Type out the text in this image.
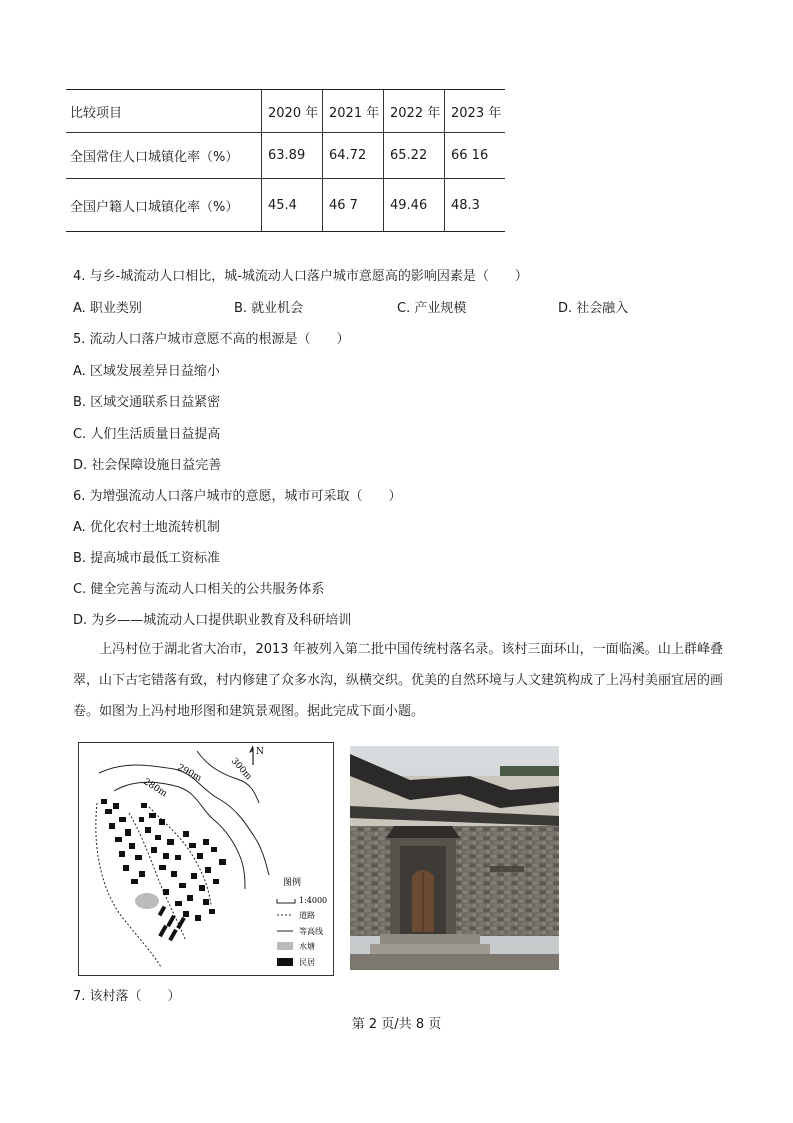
比较项目	2020 年	2021 年	2022 年	2023 年
全国常住人口城镇化率（%）	63.89	64.72	65.22	66 16
全国户籍人口城镇化率（%）	45.4	46 7	49.46	48.3
4. 与乡-城流动人口相比，城-城流动人口落户城市意愿高的影响因素是（　　）
A. 职业类别	B. 就业机会	C. 产业规模	D. 社会融入
5. 流动人口落户城市意愿不高的根源是（　　）
A. 区域发展差异日益缩小
B. 区域交通联系日益紧密
C. 人们生活质量日益提高
D. 社会保障设施日益完善
6. 为增强流动人口落户城市的意愿，城市可采取（　　）
A. 优化农村土地流转机制
B. 提高城市最低工资标准
C. 健全完善与流动人口相关的公共服务体系
D. 为乡——城流动人口提供职业教育及科研培训
上冯村位于湖北省大冶市，2013 年被列入第二批中国传统村落名录。该村三面环山，一面临溪。山上群峰叠翠，山下古宅错落有致，村内修建了众多水沟，纵横交织。优美的自然环境与人文建筑构成了上冯村美丽宜居的画卷。如图为上冯村地形图和建筑景观图。据此完成下面小题。
N
290m
280m
300m
图例
1:4000
道路
等高线
水塘
民居
7. 该村落（　　）
第 2 页/共 8 页
